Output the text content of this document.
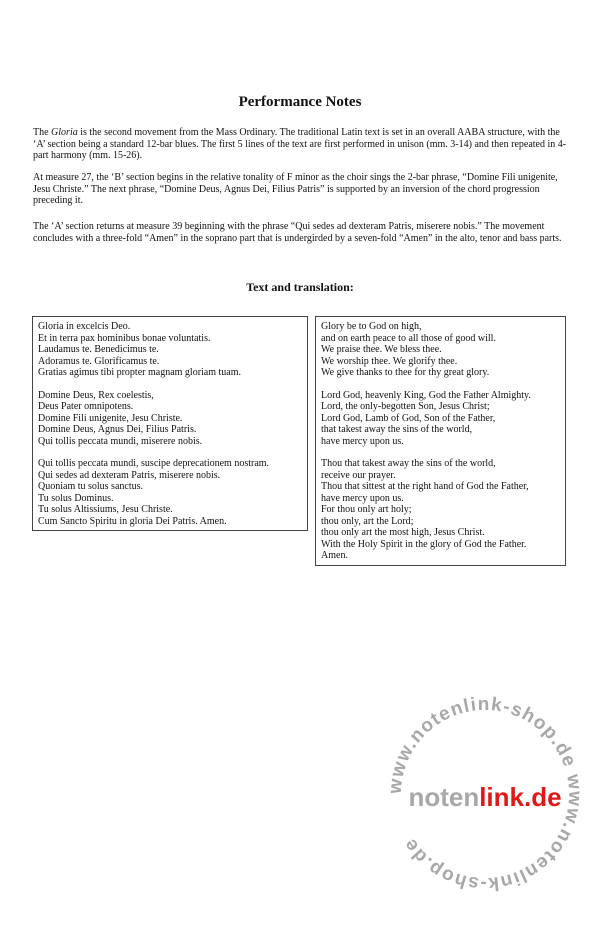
Performance Notes

The Gloria is the second movement from the Mass Ordinary. The traditional Latin text is set in an overall AABA structure, with the ‘A’ section being a standard 12-bar blues. The first 5 lines of the text are first performed in unison (mm. 3-14) and then repeated in 4-part harmony (mm. 15-26).

At measure 27, the ‘B’ section begins in the relative tonality of F minor as the choir sings the 2-bar phrase, “Domine Fili unigenite, Jesu Christe.” The next phrase, “Domine Deus, Agnus Dei, Filius Patris” is supported by an inversion of the chord progression preceding it.

The ‘A’ section returns at measure 39 beginning with the phrase “Qui sedes ad dexteram Patris, miserere nobis.” The movement concludes with a three-fold “Amen” in the soprano part that is undergirded by a seven-fold “Amen” in the alto, tenor and bass parts.

Text and translation:
Gloria in excelcis Deo.
Et in terra pax hominibus bonae voluntatis.
Laudamus te. Benedicimus te.
Adoramus te. Glorificamus te.
Gratias agimus tibi propter magnam gloriam tuam.
Domine Deus, Rex coelestis,
Deus Pater omnipotens.
Domine Fili unigenite, Jesu Christe.
Domine Deus, Agnus Dei, Filius Patris.
Qui tollis peccata mundi, miserere nobis.
Qui tollis peccata mundi, suscipe deprecationem nostram.
Qui sedes ad dexteram Patris, miserere nobis.
Quoniam tu solus sanctus.
Tu solus Dominus.
Tu solus Altissiums, Jesu Christe.
Cum Sancto Spiritu in gloria Dei Patris. Amen.
Glory be to God on high,
and on earth peace to all those of good will.
We praise thee. We bless thee.
We worship thee. We glorify thee.
We give thanks to thee for thy great glory.
Lord God, heavenly King, God the Father Almighty.
Lord, the only-begotten Son, Jesus Christ;
Lord God, Lamb of God, Son of the Father,
that takest away the sins of the world,
have mercy upon us.
Thou that takest away the sins of the world,
receive our prayer.
Thou that sittest at the right hand of God the Father,
have mercy upon us.
For thou only art holy;
thou only, art the Lord;
thou only art the most high, Jesus Christ.
With the Holy Spirit in the glory of God the Father.
Amen.
www.notenlink-shop.de www.notenlink-shop.de
notenlink.de
